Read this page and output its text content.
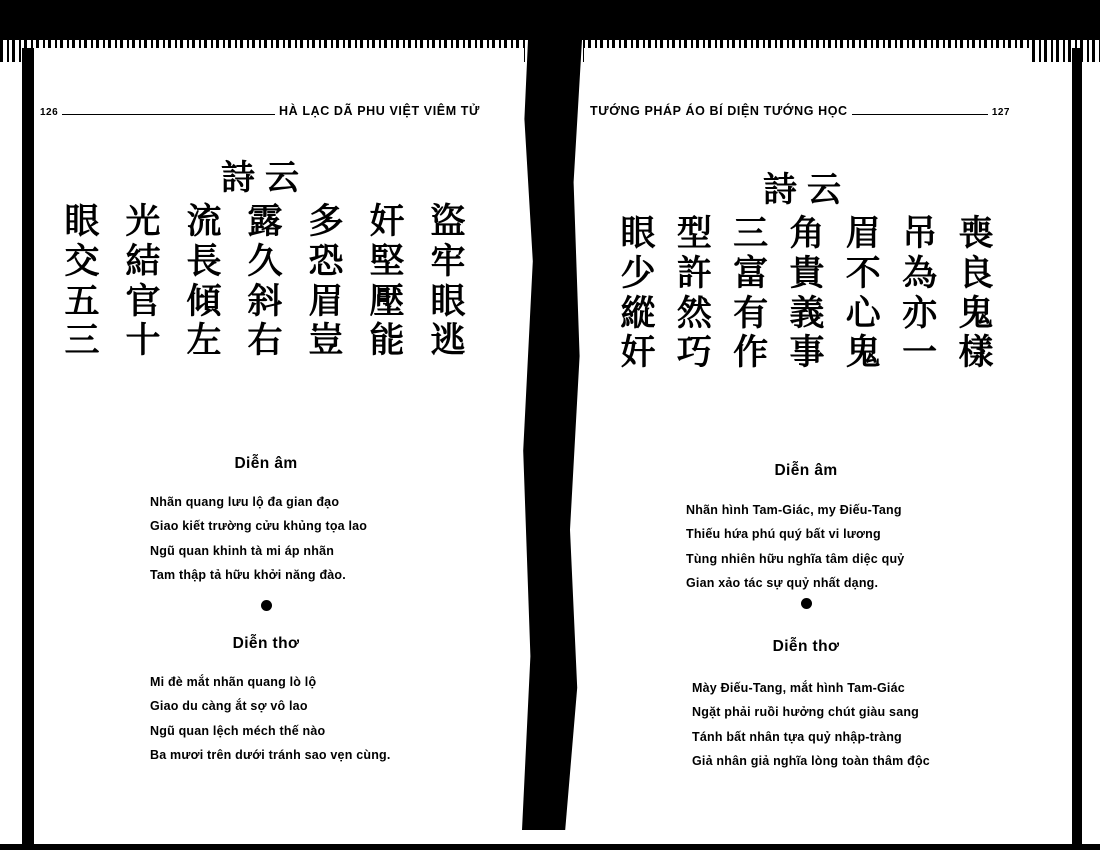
126	HÀ LẠC DÃ PHU VIỆT VIÊM TỬ
詩云
眼 光 流 露 多 奸 盜
交 結 長 久 恐 堅 牢
五 官 傾 斜 眉 壓 眼
三 十 左 右 豈 能 逃
Diễn âm
Nhãn quang lưu lộ đa gian đạo
Giao kiết trường cửu khủng tọa lao
Ngũ quan khinh tà mi áp nhãn
Tam thập tả hữu khởi năng đào.
Diễn thơ
Mi đè mắt nhãn quang lò lộ
Giao du càng ắt sợ vô lao
Ngũ quan lệch méch thế nào
Ba mươi trên dưới tránh sao vẹn cùng.
TƯỚNG PHÁP ÁO BÍ DIỆN TƯỚNG HỌC	127
詩云
眼 型 三 角 眉 吊 喪
少 許 富 貴 不 為 良
縱 然 有 義 心 亦 鬼
奸 巧 作 事 鬼 一 樣
Diễn âm
Nhãn hình Tam-Giác, my Điếu-Tang
Thiếu hứa phú quý bất vi lương
Tùng nhiên hữu nghĩa tâm diệc quỷ
Gian xảo tác sự quỷ nhất dạng.
Diễn thơ
Mày Điếu-Tang, mắt hình Tam-Giác
Ngặt phải ruồi hưởng chút giàu sang
Tánh bất nhân tựa quỷ nhập-tràng
Giả nhân giả nghĩa lòng toàn thâm độc
